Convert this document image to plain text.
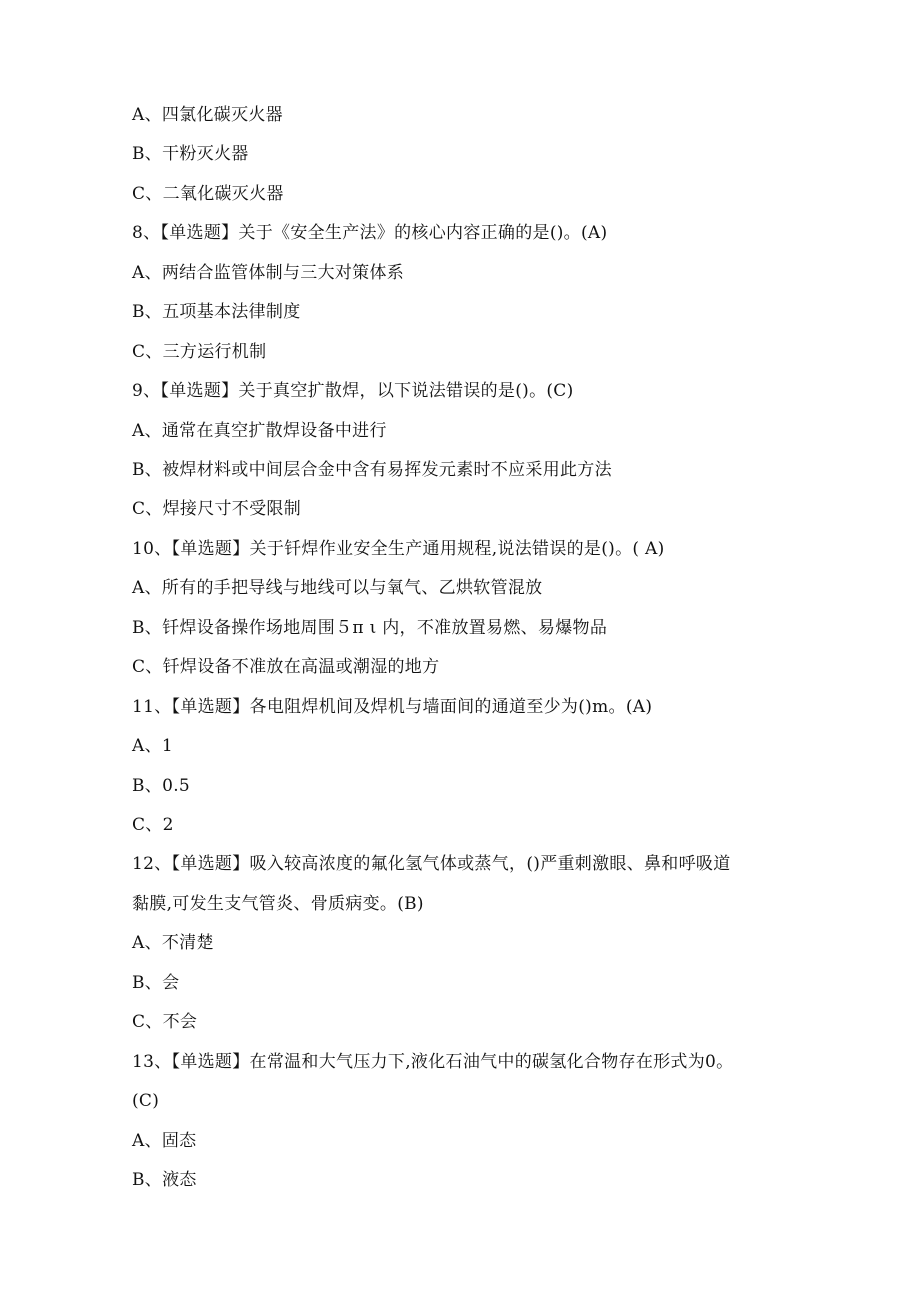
A、四氯化碳灭火器
B、干粉灭火器
C、二氧化碳灭火器
8、【单选题】关于《安全生产法》的核心内容正确的是()。(A)
A、两结合监管体制与三大对策体系
B、五项基本法律制度
C、三方运行机制
9、【单选题】关于真空扩散焊，以下说法错误的是()。(C)
A、通常在真空扩散焊设备中进行
B、被焊材料或中间层合金中含有易挥发元素时不应采用此方法
C、焊接尺寸不受限制
10、【单选题】关于钎焊作业安全生产通用规程,说法错误的是()。( A)
A、所有的手把导线与地线可以与氧气、乙烘软管混放
B、钎焊设备操作场地周围５π ι 内，不准放置易燃、易爆物品
C、钎焊设备不准放在高温或潮湿的地方
11、【单选题】各电阻焊机间及焊机与墙面间的通道至少为()m。(A)
A、1
B、0.5
C、2
12、【单选题】吸入较高浓度的氟化氢气体或蒸气，()严重刺激眼、鼻和呼吸道
黏膜,可发生支气管炎、骨质病变。(B)
A、不清楚
B、会
C、不会
13、【单选题】在常温和大气压力下,液化石油气中的碳氢化合物存在形式为0。
(C)
A、固态
B、液态
